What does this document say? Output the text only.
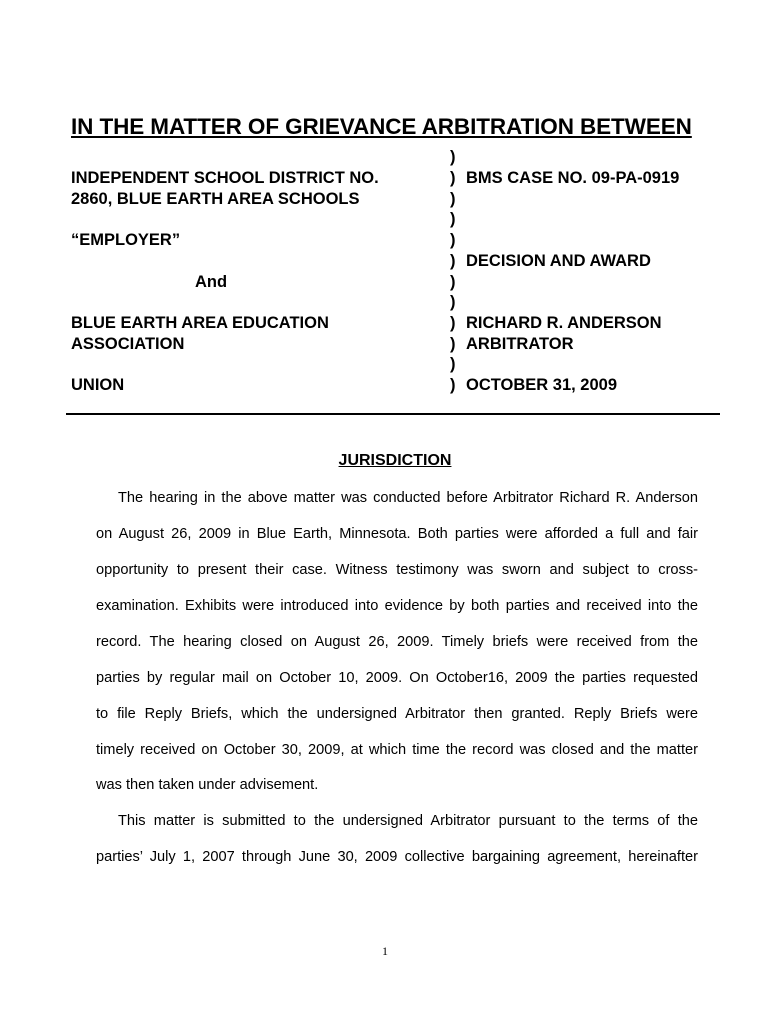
IN THE MATTER OF GRIEVANCE ARBITRATION BETWEEN
INDEPENDENT SCHOOL DISTRICT NO.
2860, BLUE EARTH AREA SCHOOLS
“EMPLOYER”
And
BLUE EARTH AREA EDUCATION
ASSOCIATION
UNION
)
)
)
)
)
)
)
)
)
)
)
)
BMS CASE NO. 09-PA-0919
DECISION AND AWARD
RICHARD R. ANDERSON
ARBITRATOR
OCTOBER 31, 2009
JURISDICTION
The hearing in the above matter was conducted before Arbitrator Richard R. Anderson
on August 26, 2009 in Blue Earth, Minnesota. Both parties were afforded a full and fair
opportunity to present their case. Witness testimony was sworn and subject to cross-
examination. Exhibits were introduced into evidence by both parties and received into the
record. The hearing closed on August 26, 2009. Timely briefs were received from the
parties by regular mail on October 10, 2009. On October16, 2009 the parties requested
to file Reply Briefs, which the undersigned Arbitrator then granted. Reply Briefs were
timely received on October 30, 2009, at which time the record was closed and the matter
was then taken under advisement.
This matter is submitted to the undersigned Arbitrator pursuant to the terms of the
parties’ July 1, 2007 through June 30, 2009 collective bargaining agreement, hereinafter
1
